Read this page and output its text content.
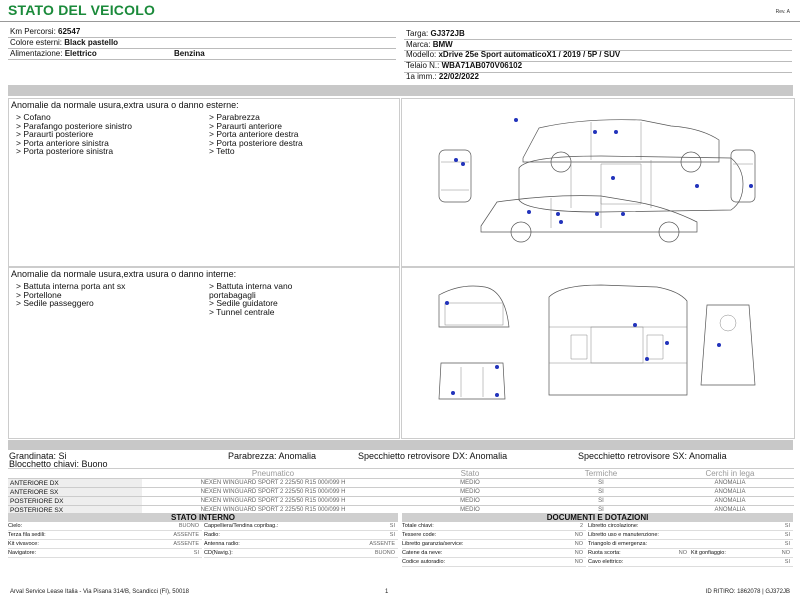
STATO DEL VEICOLO	Rev. A
Km Percorsi: 62547
Colore esterni: Black pastello
Alimentazione: Elettrico	Benzina
Targa: GJ372JB
Marca: BMW
Modello: xDrive 25e Sport automaticoX1 / 2019 / 5P / SUV
Telaio N.: WBA71AB070V06102
1a imm.: 22/02/2022
Anomalie da normale usura,extra usura o danno esterne:
> Cofano
> Parafango posteriore sinistro
> Paraurti posteriore
> Porta anteriore sinistra
> Porta posteriore sinistra
> Parabrezza
> Paraurti anteriore
> Porta anteriore destra
> Porta posteriore destra
> Tetto
Anomalie da normale usura,extra usura o danno interne:
> Battuta interna porta ant sx
> Portellone
> Sedile passeggero
> Battuta interna vano
portabagagli
> Sedile guidatore
> Tunnel centrale
Grandinata: Si	Parabrezza: Anomalia	Specchietto retrovisore DX: Anomalia	Specchietto retrovisore SX: Anomalia
Blocchetto chiavi: Buono
	Pneumatico	Stato	Termiche	Cerchi in lega
ANTERIORE DX	NEXEN WINGUARD SPORT 2 225/50 R15 000/099 H	MEDIO	SI	ANOMALIA
ANTERIORE SX	NEXEN WINGUARD SPORT 2 225/50 R15 000/099 H	MEDIO	SI	ANOMALIA
POSTERIORE DX	NEXEN WINGUARD SPORT 2 225/50 R15 000/099 H	MEDIO	SI	ANOMALIA
POSTERIORE SX	NEXEN WINGUARD SPORT 2 225/50 R15 000/099 H	MEDIO	SI	ANOMALIA
STATO INTERNO
Cielo:	BUONO
Terza fila sedili:	ASSENTE
Kit vivavoce:	ASSENTE
Navigatore:	SI
Cappelliera/Tendina copribag.:	SI
Radio:	SI
Antenna radio:	ASSENTE
CD(Navig.):	BUONO
DOCUMENTI E DOTAZIONI
Totale chiavi:	2
Tessere code:	NO
Libretto garanzia/service:	NO
Catene da neve:	NO
Codice autoradio:	NO
Libretto circolazione:	SI
Libretto uso e manutenzione:	SI
Triangolo di emergenza:	SI
Ruota scorta:	NO Kit gonfiaggio:	NO
Cavo elettrico:	SI
Arval Service Lease Italia - Via Pisana 314/B, Scandicci (FI), 50018	1	ID RITIRO: 1862078 | GJ372JB
